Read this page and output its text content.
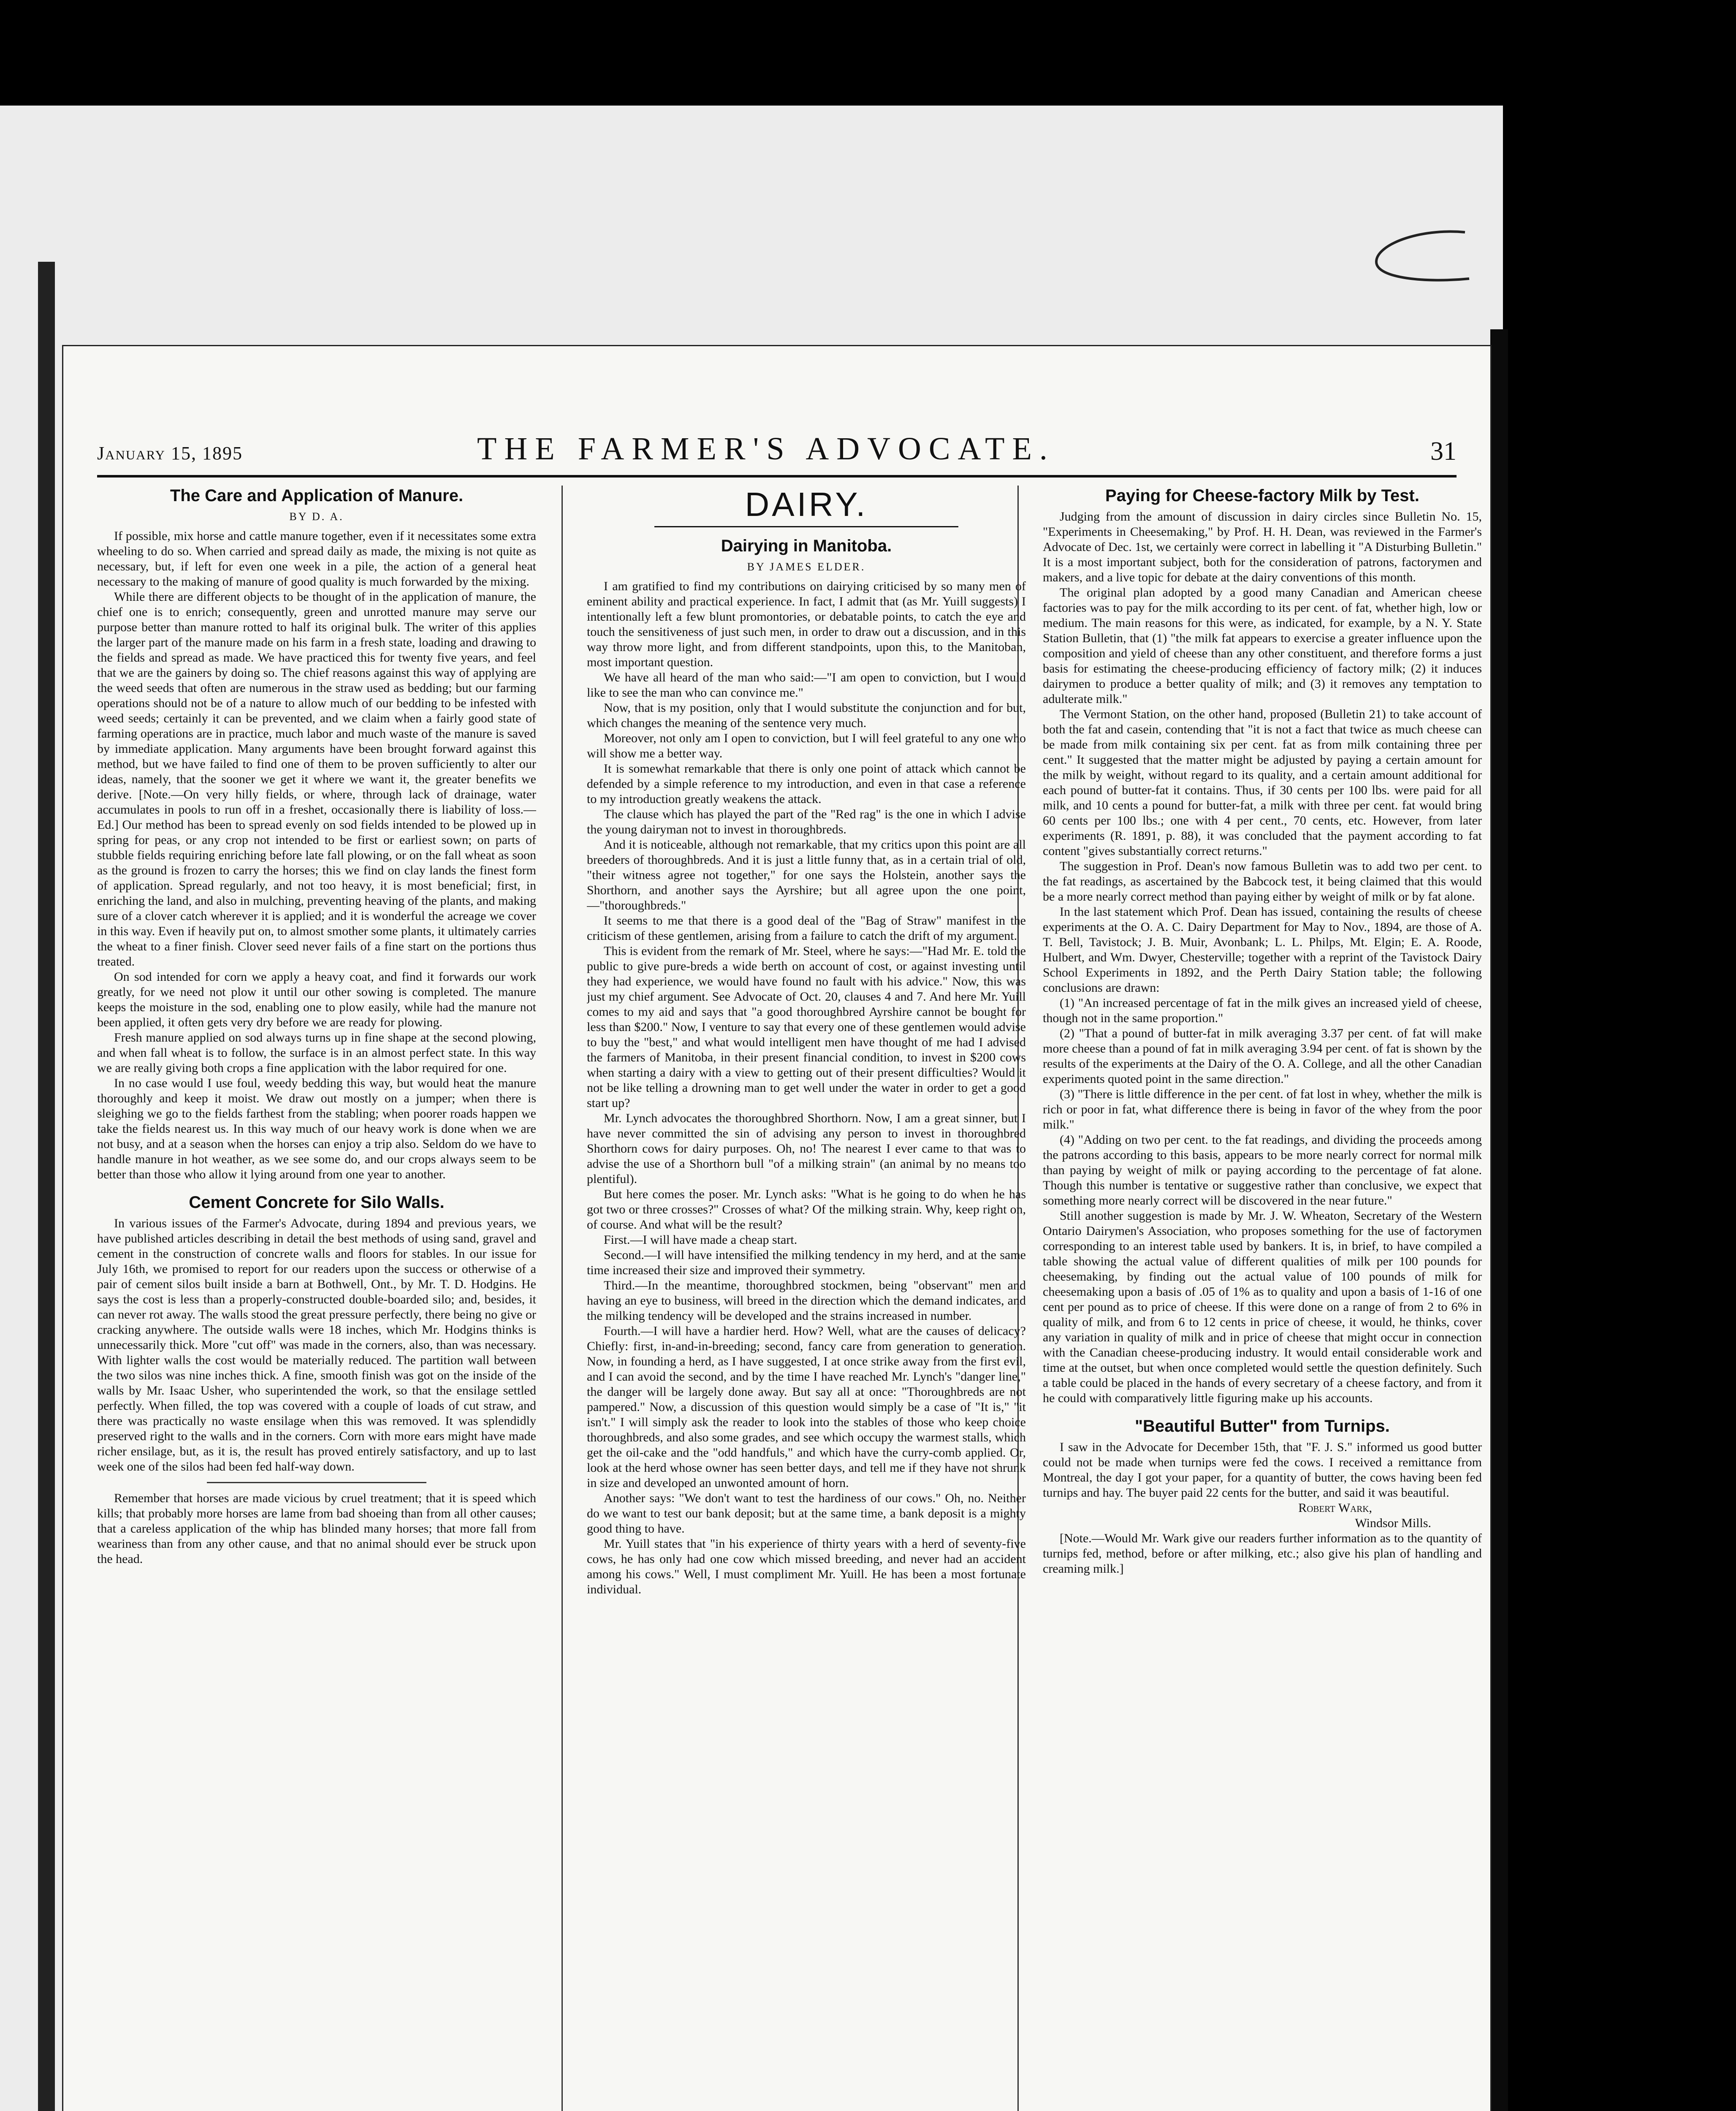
January 15, 1895	THE FARMER'S ADVOCATE.	31
The Care and Application of Manure.
BY D. A.

If possible, mix horse and cattle manure together, even if it necessitates some extra wheeling to do so. When carried and spread daily as made, the mixing is not quite as necessary, but, if left for even one week in a pile, the action of a general heat necessary to the making of manure of good quality is much forwarded by the mixing.

While there are different objects to be thought of in the application of manure, the chief one is to enrich; consequently, green and unrotted manure may serve our purpose better than manure rotted to half its original bulk. The writer of this applies the larger part of the manure made on his farm in a fresh state, loading and drawing to the fields and spread as made. We have practiced this for twenty five years, and feel that we are the gainers by doing so. The chief reasons against this way of applying are the weed seeds that often are numerous in the straw used as bedding; but our farming operations should not be of a nature to allow much of our bedding to be infested with weed seeds; certainly it can be prevented, and we claim when a fairly good state of farming operations are in practice, much labor and much waste of the manure is saved by immediate application. Many arguments have been brought forward against this method, but we have failed to find one of them to be proven sufficiently to alter our ideas, namely, that the sooner we get it where we want it, the greater benefits we derive. [Note.—On very hilly fields, or where, through lack of drainage, water accumulates in pools to run off in a freshet, occasionally there is liability of loss.—Ed.] Our method has been to spread evenly on sod fields intended to be plowed up in spring for peas, or any crop not intended to be first or earliest sown; on parts of stubble fields requiring enriching before late fall plowing, or on the fall wheat as soon as the ground is frozen to carry the horses; this we find on clay lands the finest form of application. Spread regularly, and not too heavy, it is most beneficial; first, in enriching the land, and also in mulching, preventing heaving of the plants, and making sure of a clover catch wherever it is applied; and it is wonderful the acreage we cover in this way. Even if heavily put on, to almost smother some plants, it ultimately carries the wheat to a finer finish. Clover seed never fails of a fine start on the portions thus treated.

On sod intended for corn we apply a heavy coat, and find it forwards our work greatly, for we need not plow it until our other sowing is completed. The manure keeps the moisture in the sod, enabling one to plow easily, while had the manure not been applied, it often gets very dry before we are ready for plowing.

Fresh manure applied on sod always turns up in fine shape at the second plowing, and when fall wheat is to follow, the surface is in an almost perfect state. In this way we are really giving both crops a fine application with the labor required for one.

In no case would I use foul, weedy bedding this way, but would heat the manure thoroughly and keep it moist. We draw out mostly on a jumper; when there is sleighing we go to the fields farthest from the stabling; when poorer roads happen we take the fields nearest us. In this way much of our heavy work is done when we are not busy, and at a season when the horses can enjoy a trip also. Seldom do we have to handle manure in hot weather, as we see some do, and our crops always seem to be better than those who allow it lying around from one year to another.

Cement Concrete for Silo Walls.

In various issues of the Farmer's Advocate, during 1894 and previous years, we have published articles describing in detail the best methods of using sand, gravel and cement in the construction of concrete walls and floors for stables. In our issue for July 16th, we promised to report for our readers upon the success or otherwise of a pair of cement silos built inside a barn at Bothwell, Ont., by Mr. T. D. Hodgins. He says the cost is less than a properly-constructed double-boarded silo; and, besides, it can never rot away. The walls stood the great pressure perfectly, there being no give or cracking anywhere. The outside walls were 18 inches, which Mr. Hodgins thinks is unnecessarily thick. More "cut off" was made in the corners, also, than was necessary. With lighter walls the cost would be materially reduced. The partition wall between the two silos was nine inches thick. A fine, smooth finish was got on the inside of the walls by Mr. Isaac Usher, who superintended the work, so that the ensilage settled perfectly. When filled, the top was covered with a couple of loads of cut straw, and there was practically no waste ensilage when this was removed. It was splendidly preserved right to the walls and in the corners. Corn with more ears might have made richer ensilage, but, as it is, the result has proved entirely satisfactory, and up to last week one of the silos had been fed half-way down.

Remember that horses are made vicious by cruel treatment; that it is speed which kills; that probably more horses are lame from bad shoeing than from all other causes; that a careless application of the whip has blinded many horses; that more fall from weariness than from any other cause, and that no animal should ever be struck upon the head.

DAIRY.
Dairying in Manitoba.
BY JAMES ELDER.

I am gratified to find my contributions on dairying criticised by so many men of eminent ability and practical experience. In fact, I admit that (as Mr. Yuill suggests) I intentionally left a few blunt promontories, or debatable points, to catch the eye and touch the sensitiveness of just such men, in order to draw out a discussion, and in this way throw more light, and from different standpoints, upon this, to the Manitoban, most important question.

We have all heard of the man who said:—"I am open to conviction, but I would like to see the man who can convince me."

Now, that is my position, only that I would substitute the conjunction and for but, which changes the meaning of the sentence very much.

Moreover, not only am I open to conviction, but I will feel grateful to any one who will show me a better way.

It is somewhat remarkable that there is only one point of attack which cannot be defended by a simple reference to my introduction, and even in that case a reference to my introduction greatly weakens the attack.

The clause which has played the part of the "Red rag" is the one in which I advise the young dairyman not to invest in thoroughbreds.

And it is noticeable, although not remarkable, that my critics upon this point are all breeders of thoroughbreds. And it is just a little funny that, as in a certain trial of old, "their witness agree not together," for one says the Holstein, another says the Shorthorn, and another says the Ayrshire; but all agree upon the one point,—"thoroughbreds."

It seems to me that there is a good deal of the "Bag of Straw" manifest in the criticism of these gentlemen, arising from a failure to catch the drift of my argument.

This is evident from the remark of Mr. Steel, where he says:—"Had Mr. E. told the public to give pure-breds a wide berth on account of cost, or against investing until they had experience, we would have found no fault with his advice." Now, this was just my chief argument. See Advocate of Oct. 20, clauses 4 and 7. And here Mr. Yuill comes to my aid and says that "a good thoroughbred Ayrshire cannot be bought for less than $200." Now, I venture to say that every one of these gentlemen would advise to buy the "best," and what would intelligent men have thought of me had I advised the farmers of Manitoba, in their present financial condition, to invest in $200 cows when starting a dairy with a view to getting out of their present difficulties? Would it not be like telling a drowning man to get well under the water in order to get a good start up?

Mr. Lynch advocates the thoroughbred Shorthorn. Now, I am a great sinner, but I have never committed the sin of advising any person to invest in thoroughbred Shorthorn cows for dairy purposes. Oh, no! The nearest I ever came to that was to advise the use of a Shorthorn bull "of a milking strain" (an animal by no means too plentiful).

But here comes the poser. Mr. Lynch asks: "What is he going to do when he has got two or three crosses?" Crosses of what? Of the milking strain. Why, keep right on, of course. And what will be the result?

First.—I will have made a cheap start.

Second.—I will have intensified the milking tendency in my herd, and at the same time increased their size and improved their symmetry.

Third.—In the meantime, thoroughbred stockmen, being "observant" men and having an eye to business, will breed in the direction which the demand indicates, and the milking tendency will be developed and the strains increased in number.

Fourth.—I will have a hardier herd. How? Well, what are the causes of delicacy? Chiefly: first, in-and-in-breeding; second, fancy care from generation to generation. Now, in founding a herd, as I have suggested, I at once strike away from the first evil, and I can avoid the second, and by the time I have reached Mr. Lynch's "danger line," the danger will be largely done away. But say all at once: "Thoroughbreds are not pampered." Now, a discussion of this question would simply be a case of "It is," "it isn't." I will simply ask the reader to look into the stables of those who keep choice thoroughbreds, and also some grades, and see which occupy the warmest stalls, which get the oil-cake and the "odd handfuls," and which have the curry-comb applied. Or, look at the herd whose owner has seen better days, and tell me if they have not shrunk in size and developed an unwonted amount of horn.

Another says: "We don't want to test the hardiness of our cows." Oh, no. Neither do we want to test our bank deposit; but at the same time, a bank deposit is a mighty good thing to have.

Mr. Yuill states that "in his experience of thirty years with a herd of seventy-five cows, he has only had one cow which missed breeding, and never had an accident among his cows." Well, I must compliment Mr. Yuill. He has been a most fortunate individual.

Paying for Cheese-factory Milk by Test.

Judging from the amount of discussion in dairy circles since Bulletin No. 15, "Experiments in Cheesemaking," by Prof. H. H. Dean, was reviewed in the Farmer's Advocate of Dec. 1st, we certainly were correct in labelling it "A Disturbing Bulletin." It is a most important subject, both for the consideration of patrons, factorymen and makers, and a live topic for debate at the dairy conventions of this month.

The original plan adopted by a good many Canadian and American cheese factories was to pay for the milk according to its per cent. of fat, whether high, low or medium. The main reasons for this were, as indicated, for example, by a N. Y. State Station Bulletin, that (1) "the milk fat appears to exercise a greater influence upon the composition and yield of cheese than any other constituent, and therefore forms a just basis for estimating the cheese-producing efficiency of factory milk; (2) it induces dairymen to produce a better quality of milk; and (3) it removes any temptation to adulterate milk."

The Vermont Station, on the other hand, proposed (Bulletin 21) to take account of both the fat and casein, contending that "it is not a fact that twice as much cheese can be made from milk containing six per cent. fat as from milk containing three per cent." It suggested that the matter might be adjusted by paying a certain amount for the milk by weight, without regard to its quality, and a certain amount additional for each pound of butter-fat it contains. Thus, if 30 cents per 100 lbs. were paid for all milk, and 10 cents a pound for butter-fat, a milk with three per cent. fat would bring 60 cents per 100 lbs.; one with 4 per cent., 70 cents, etc. However, from later experiments (R. 1891, p. 88), it was concluded that the payment according to fat content "gives substantially correct returns."

The suggestion in Prof. Dean's now famous Bulletin was to add two per cent. to the fat readings, as ascertained by the Babcock test, it being claimed that this would be a more nearly correct method than paying either by weight of milk or by fat alone.

In the last statement which Prof. Dean has issued, containing the results of cheese experiments at the O. A. C. Dairy Department for May to Nov., 1894, are those of A. T. Bell, Tavistock; J. B. Muir, Avonbank; L. L. Philps, Mt. Elgin; E. A. Roode, Hulbert, and Wm. Dwyer, Chesterville; together with a reprint of the Tavistock Dairy School Experiments in 1892, and the Perth Dairy Station table; the following conclusions are drawn:

(1) "An increased percentage of fat in the milk gives an increased yield of cheese, though not in the same proportion."

(2) "That a pound of butter-fat in milk averaging 3.37 per cent. of fat will make more cheese than a pound of fat in milk averaging 3.94 per cent. of fat is shown by the results of the experiments at the Dairy of the O. A. College, and all the other Canadian experiments quoted point in the same direction."

(3) "There is little difference in the per cent. of fat lost in whey, whether the milk is rich or poor in fat, what difference there is being in favor of the whey from the poor milk."

(4) "Adding on two per cent. to the fat readings, and dividing the proceeds among the patrons according to this basis, appears to be more nearly correct for normal milk than paying by weight of milk or paying according to the percentage of fat alone. Though this number is tentative or suggestive rather than conclusive, we expect that something more nearly correct will be discovered in the near future."

Still another suggestion is made by Mr. J. W. Wheaton, Secretary of the Western Ontario Dairymen's Association, who proposes something for the use of factorymen corresponding to an interest table used by bankers. It is, in brief, to have compiled a table showing the actual value of different qualities of milk per 100 pounds for cheesemaking, by finding out the actual value of 100 pounds of milk for cheesemaking upon a basis of .05 of 1% as to quality and upon a basis of 1-16 of one cent per pound as to price of cheese. If this were done on a range of from 2 to 6% in quality of milk, and from 6 to 12 cents in price of cheese, it would, he thinks, cover any variation in quality of milk and in price of cheese that might occur in connection with the Canadian cheese-producing industry. It would entail considerable work and time at the outset, but when once completed would settle the question definitely. Such a table could be placed in the hands of every secretary of a cheese factory, and from it he could with comparatively little figuring make up his accounts.

"Beautiful Butter" from Turnips.

I saw in the Advocate for December 15th, that "F. J. S." informed us good butter could not be made when turnips were fed the cows. I received a remittance from Montreal, the day I got your paper, for a quantity of butter, the cows having been fed turnips and hay. The buyer paid 22 cents for the butter, and said it was beautiful.

Robert Wark,
Windsor Mills.

[Note.—Would Mr. Wark give our readers further information as to the quantity of turnips fed, method, before or after milking, etc.; also give his plan of handling and creaming milk.]
